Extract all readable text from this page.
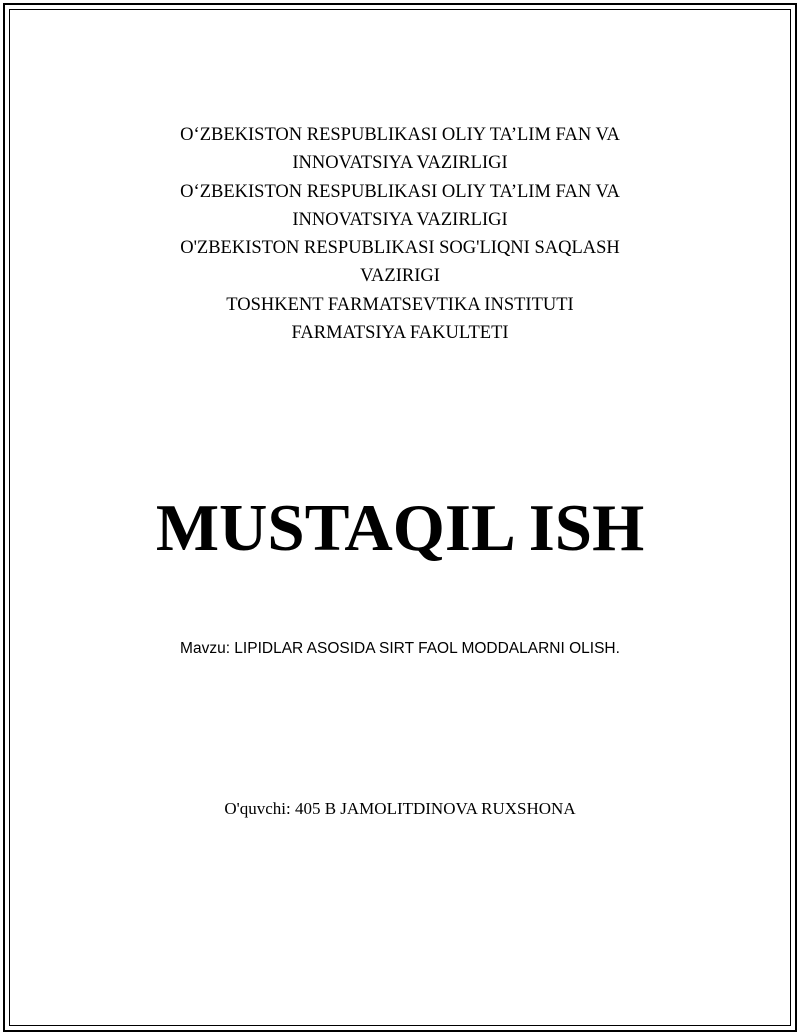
O‘ZBEKISTON RESPUBLIKASI OLIY TA’LIM FAN VA
INNOVATSIYA VAZIRLIGI
O‘ZBEKISTON RESPUBLIKASI OLIY TA’LIM FAN VA
INNOVATSIYA VAZIRLIGI
O'ZBEKISTON RESPUBLIKASI SOG'LIQNI SAQLASH
VAZIRIGI
TOSHKENT FARMATSEVTIKA INSTITUTI
FARMATSIYA FAKULTETI
MUSTAQIL ISH
Mavzu: LIPIDLAR ASOSIDA SIRT FAOL MODDALARNI OLISH.
O'quvchi: 405 B JAMOLITDINOVA RUXSHONA
